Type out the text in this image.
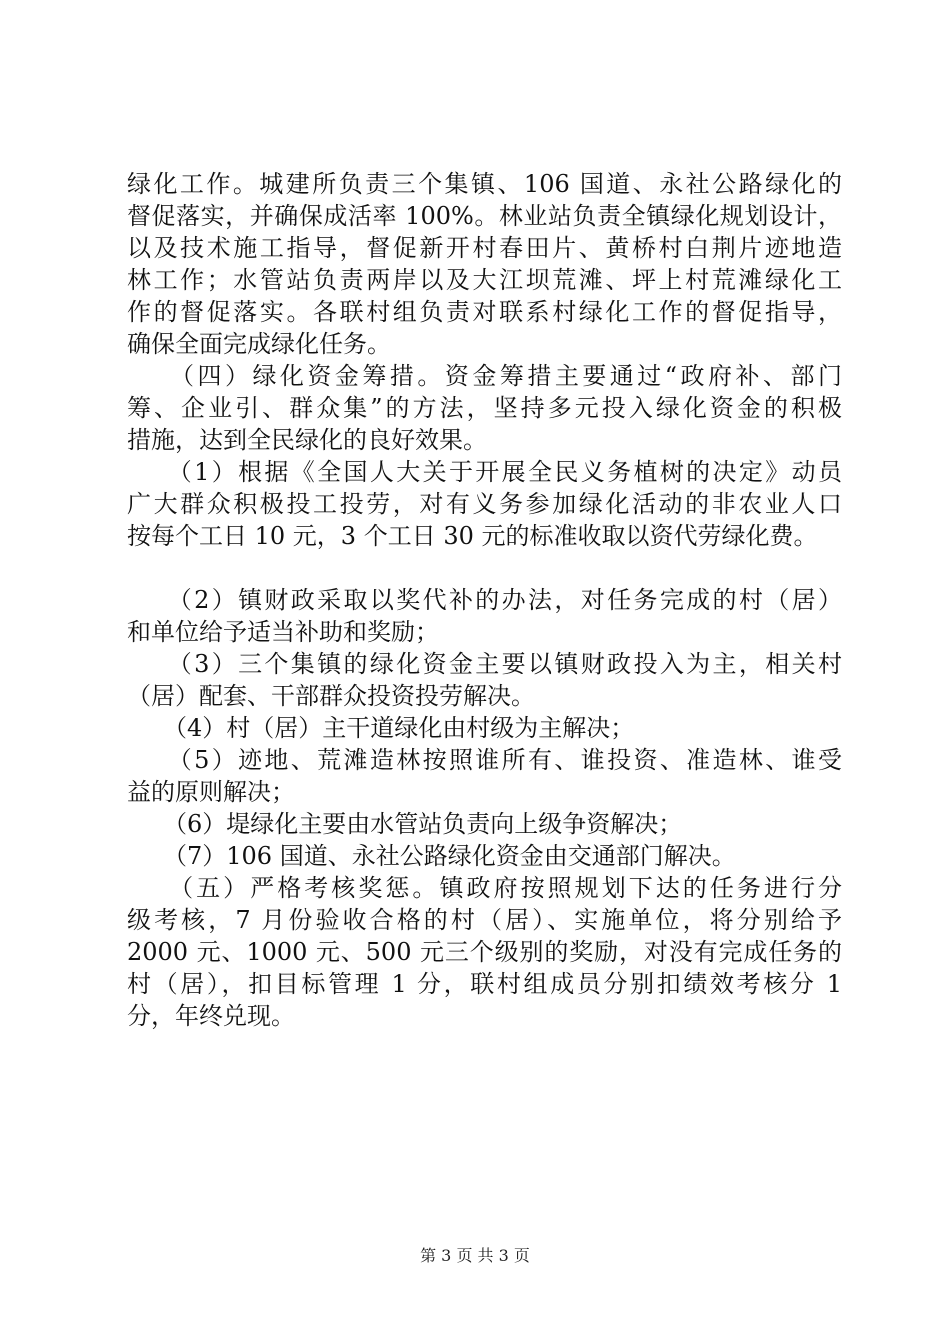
绿化工作。城建所负责三个集镇、106 国道、永社公路绿化的
督促落实，并确保成活率 100%。林业站负责全镇绿化规划设计，
以及技术施工指导，督促新开村春田片、黄桥村白荆片迹地造
林工作；水管站负责两岸以及大江坝荒滩、坪上村荒滩绿化工
作的督促落实。各联村组负责对联系村绿化工作的督促指导，
确保全面完成绿化任务。
　　（四）绿化资金筹措。资金筹措主要通过“政府补、部门
筹、企业引、群众集”的方法，坚持多元投入绿化资金的积极
措施，达到全民绿化的良好效果。
　　（1）根据《全国人大关于开展全民义务植树的决定》动员
广大群众积极投工投劳，对有义务参加绿化活动的非农业人口
按每个工日 10 元，3 个工日 30 元的标准收取以资代劳绿化费。
　　（2）镇财政采取以奖代补的办法，对任务完成的村（居）
和单位给予适当补助和奖励；
　　（3）三个集镇的绿化资金主要以镇财政投入为主，相关村
（居）配套、干部群众投资投劳解决。
　　（4）村（居）主干道绿化由村级为主解决；
　　（5）迹地、荒滩造林按照谁所有、谁投资、准造林、谁受
益的原则解决；
　　（6）堤绿化主要由水管站负责向上级争资解决；
　　（7）106 国道、永社公路绿化资金由交通部门解决。
　　（五）严格考核奖惩。镇政府按照规划下达的任务进行分
级考核，7 月份验收合格的村（居）、实施单位，将分别给予
2000 元、1000 元、500 元三个级别的奖励，对没有完成任务的
村（居），扣目标管理 1 分，联村组成员分别扣绩效考核分 1
分，年终兑现。
第 3 页 共 3 页
